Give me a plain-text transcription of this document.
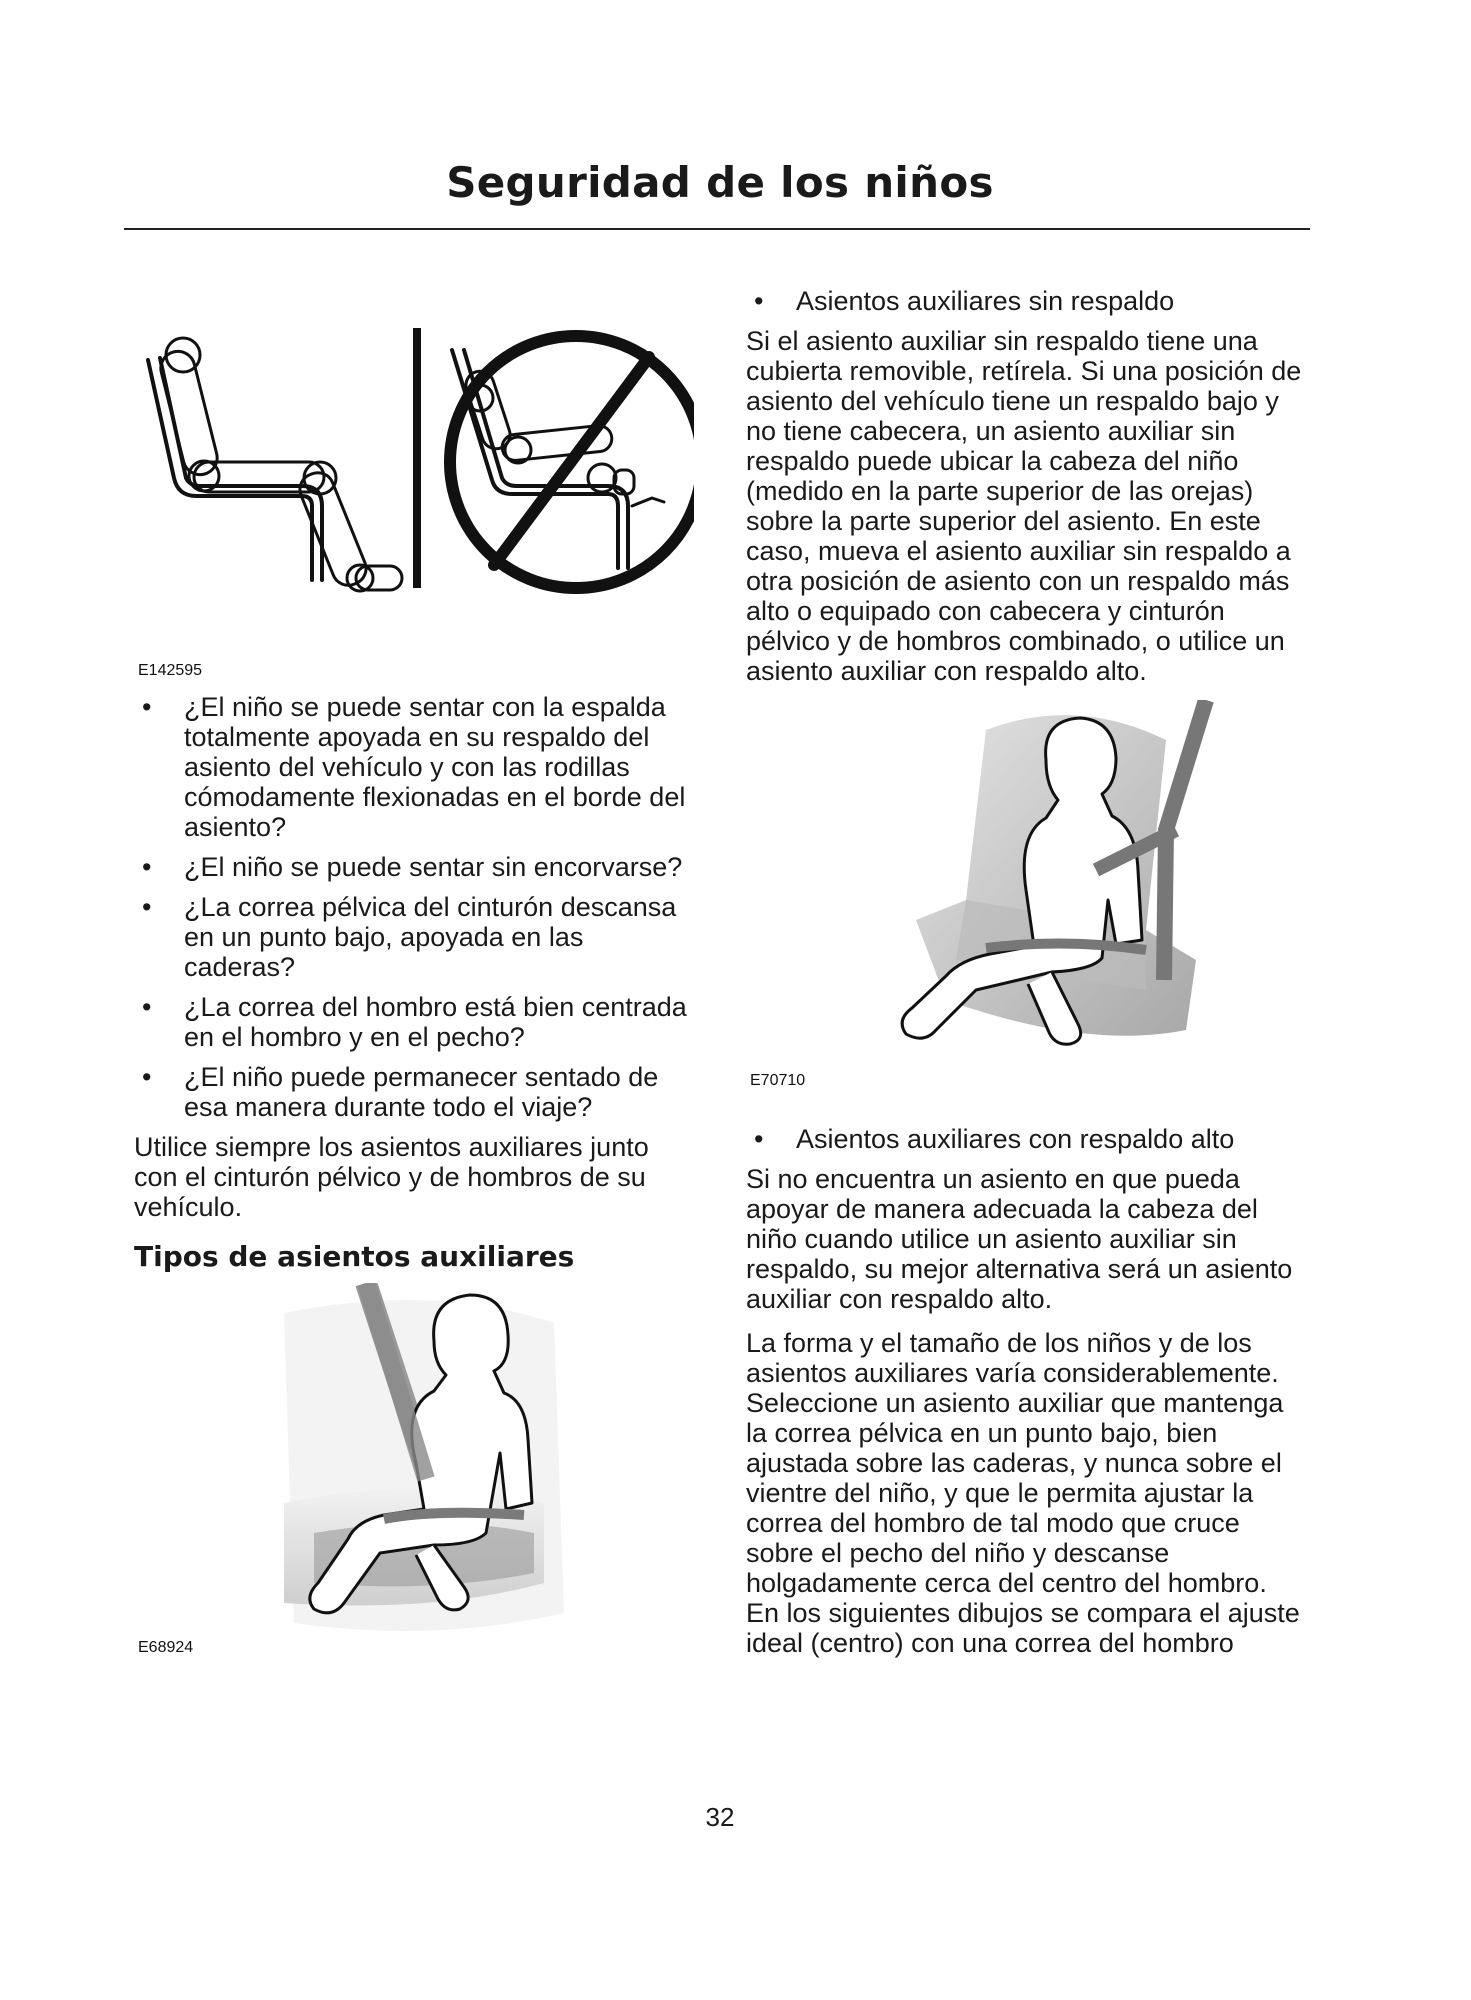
Seguridad de los niños
E142595
• ¿El niño se puede sentar con la espalda totalmente apoyada en su respaldo del asiento del vehículo y con las rodillas cómodamente flexionadas en el borde del asiento?
• ¿El niño se puede sentar sin encorvarse?
• ¿La correa pélvica del cinturón descansa en un punto bajo, apoyada en las caderas?
• ¿La correa del hombro está bien centrada en el hombro y en el pecho?
• ¿El niño puede permanecer sentado de esa manera durante todo el viaje?

Utilice siempre los asientos auxiliares junto con el cinturón pélvico y de hombros de su vehículo.

Tipos de asientos auxiliares
E68924
• Asientos auxiliares sin respaldo

Si el asiento auxiliar sin respaldo tiene una cubierta removible, retírela. Si una posición de asiento del vehículo tiene un respaldo bajo y no tiene cabecera, un asiento auxiliar sin respaldo puede ubicar la cabeza del niño (medido en la parte superior de las orejas) sobre la parte superior del asiento. En este caso, mueva el asiento auxiliar sin respaldo a otra posición de asiento con un respaldo más alto o equipado con cabecera y cinturón pélvico y de hombros combinado, o utilice un asiento auxiliar con respaldo alto.

E70710
• Asientos auxiliares con respaldo alto

Si no encuentra un asiento en que pueda apoyar de manera adecuada la cabeza del niño cuando utilice un asiento auxiliar sin respaldo, su mejor alternativa será un asiento auxiliar con respaldo alto.

La forma y el tamaño de los niños y de los asientos auxiliares varía considerablemente. Seleccione un asiento auxiliar que mantenga la correa pélvica en un punto bajo, bien ajustada sobre las caderas, y nunca sobre el vientre del niño, y que le permita ajustar la correa del hombro de tal modo que cruce sobre el pecho del niño y descanse holgadamente cerca del centro del hombro. En los siguientes dibujos se compara el ajuste ideal (centro) con una correa del hombro

32
